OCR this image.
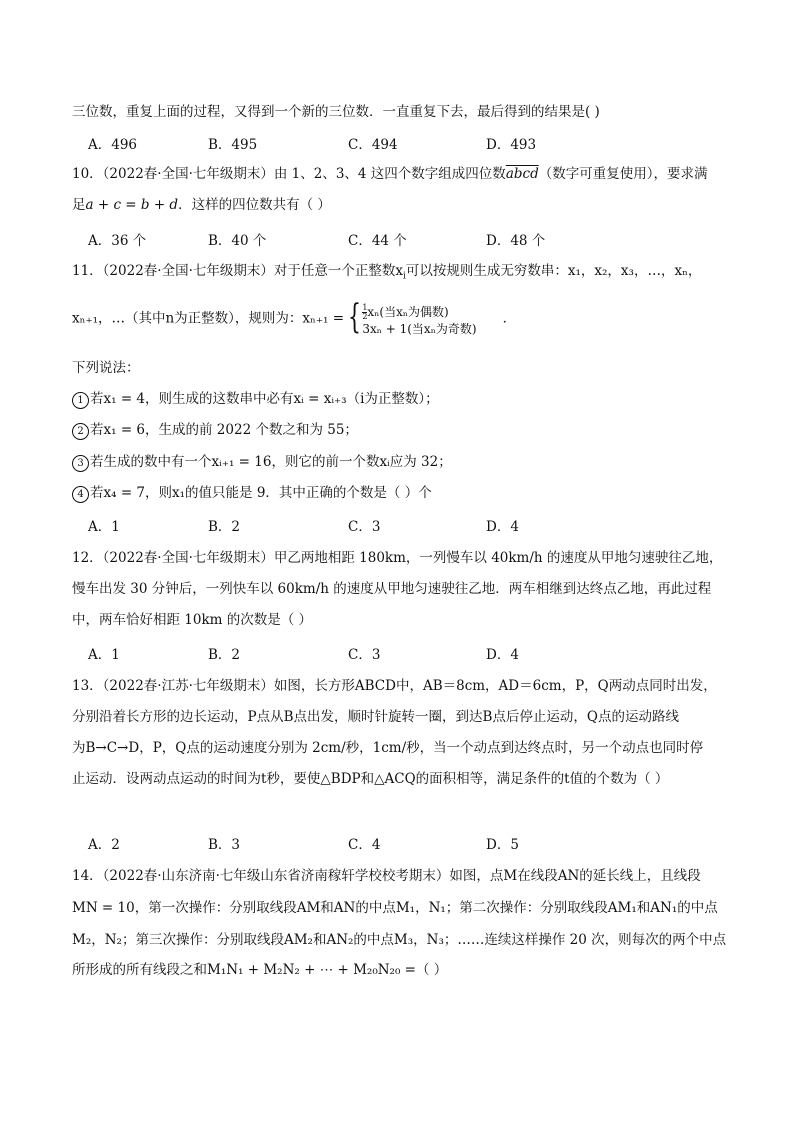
三位数，重复上面的过程，又得到一个新的三位数．一直重复下去，最后得到的结果是( )
A．496	B．495	C．494	D．493
10．（2022春·全国·七年级期末）由 1、2、3、4 这四个数字组成四位数abcd（数字可重复使用），要求满
足a + c = b + d．这样的四位数共有（ ）
A．36 个	B．40 个	C．44 个	D．48 个
11．（2022春·全国·七年级期末）对于任意一个正整数$x_i$可以按规则生成无穷数串：x₁，x₂，x₃，…，xₙ，
xₙ₊₁，…（其中n为正整数），规则为：xₙ₊₁ = { $\frac{1}{2} x_n$(当xₙ为偶数)
3xₙ + 1(当xₙ为奇数)
．
下列说法：
1 若x₁ = 4，则生成的这数串中必有xᵢ = xᵢ₊₃（i为正整数）；
2 若x₁ = 6，生成的前 2022 个数之和为 55；
3 若生成的数中有一个xᵢ₊₁ = 16，则它的前一个数xᵢ应为 32；
4 若x₄ = 7，则x₁的值只能是 9．其中正确的个数是（ ）个
A．1	B．2	C．3	D．4
12．（2022春·全国·七年级期末）甲乙两地相距 180km，一列慢车以 40km/h 的速度从甲地匀速驶往乙地，
慢车出发 30 分钟后，一列快车以 60km/h 的速度从甲地匀速驶往乙地．两车相继到达终点乙地，再此过程
中，两车恰好相距 10km 的次数是（ ）
A．1	B．2	C．3	D．4
13．（2022春·江苏·七年级期末）如图，长方形ABCD中，AB＝8cm，AD＝6cm，P，Q两动点同时出发，
分别沿着长方形的边长运动，P点从B点出发，顺时针旋转一圈，到达B点后停止运动，Q点的运动路线
为B→C→D，P，Q点的运动速度分别为 2cm/秒，1cm/秒，当一个动点到达终点时，另一个动点也同时停
止运动．设两动点运动的时间为t秒，要使△BDP和△ACQ的面积相等，满足条件的t值的个数为（ ）
A．2	B．3	C．4	D．5
14．（2022春·山东济南·七年级山东省济南稼轩学校校考期末）如图，点M在线段AN的延长线上，且线段
MN = 10，第一次操作：分别取线段AM和AN的中点M₁，N₁；第二次操作：分别取线段AM₁和AN₁的中点
M₂，N₂；第三次操作：分别取线段AM₂和AN₂的中点M₃，N₃；……连续这样操作 20 次，则每次的两个中点
所形成的所有线段之和M₁N₁ + M₂N₂ + ⋯ + M₂₀N₂₀ =（ ）
